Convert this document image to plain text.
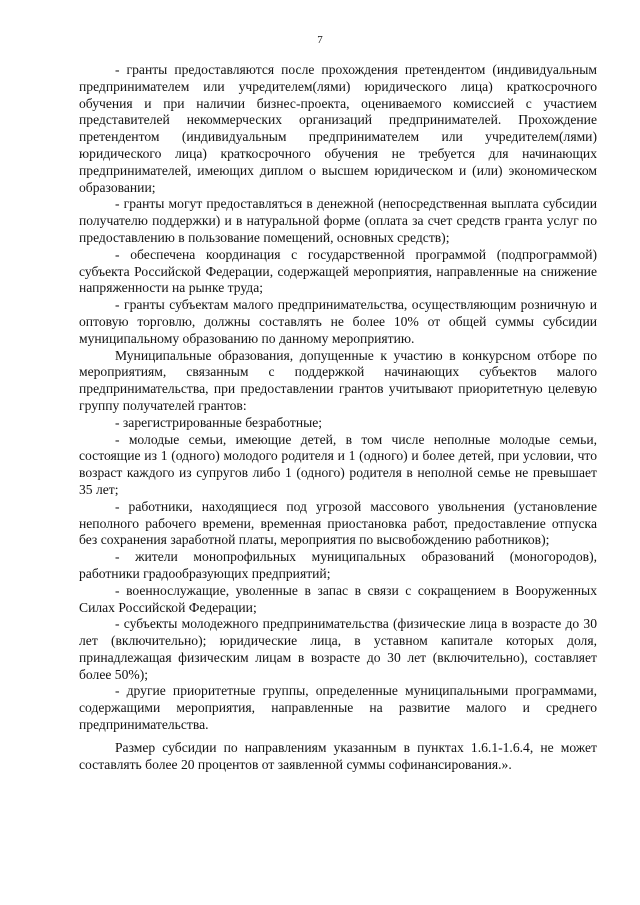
7

- гранты предоставляются после прохождения претендентом (индивидуальным предпринимателем или учредителем(лями) юридического лица) краткосрочного обучения и при наличии бизнес-проекта, оцениваемого комиссией с участием представителей некоммерческих организаций предпринимателей. Прохождение претендентом (индивидуальным предпринимателем или учредителем(лями) юридического лица) краткосрочного обучения не требуется для начинающих предпринимателей, имеющих диплом о высшем юридическом и (или) экономическом образовании;

- гранты могут предоставляться в денежной (непосредственная выплата субсидии получателю поддержки) и в натуральной форме (оплата за счет средств гранта услуг по предоставлению в пользование помещений, основных средств);

- обеспечена координация с государственной программой (подпрограммой) субъекта Российской Федерации, содержащей мероприятия, направленные на снижение напряженности на рынке труда;

- гранты субъектам малого предпринимательства, осуществляющим розничную и оптовую торговлю, должны составлять не более 10% от общей суммы субсидии муниципальному образованию по данному мероприятию.

Муниципальные образования, допущенные к участию в конкурсном отборе по мероприятиям, связанным с поддержкой начинающих субъектов малого предпринимательства, при предоставлении грантов учитывают приоритетную целевую группу получателей грантов:

- зарегистрированные безработные;

- молодые семьи, имеющие детей, в том числе неполные молодые семьи, состоящие из 1 (одного) молодого родителя и 1 (одного) и более детей, при условии, что возраст каждого из супругов либо 1 (одного) родителя в неполной семье не превышает 35 лет;

- работники, находящиеся под угрозой массового увольнения (установление неполного рабочего времени, временная приостановка работ, предоставление отпуска без сохранения заработной платы, мероприятия по высвобождению работников);

- жители монопрофильных муниципальных образований (моногородов), работники градообразующих предприятий;

- военнослужащие, уволенные в запас в связи с сокращением в Вооруженных Силах Российской Федерации;

- субъекты молодежного предпринимательства (физические лица в возрасте до 30 лет (включительно); юридические лица, в уставном капитале которых доля, принадлежащая физическим лицам в возрасте до 30 лет (включительно), составляет более 50%);

- другие приоритетные группы, определенные муниципальными программами, содержащими мероприятия, направленные на развитие малого и среднего предпринимательства.

Размер субсидии по направлениям указанным в пунктах 1.6.1-1.6.4, не может составлять более 20 процентов от заявленной суммы софинансирования.».
